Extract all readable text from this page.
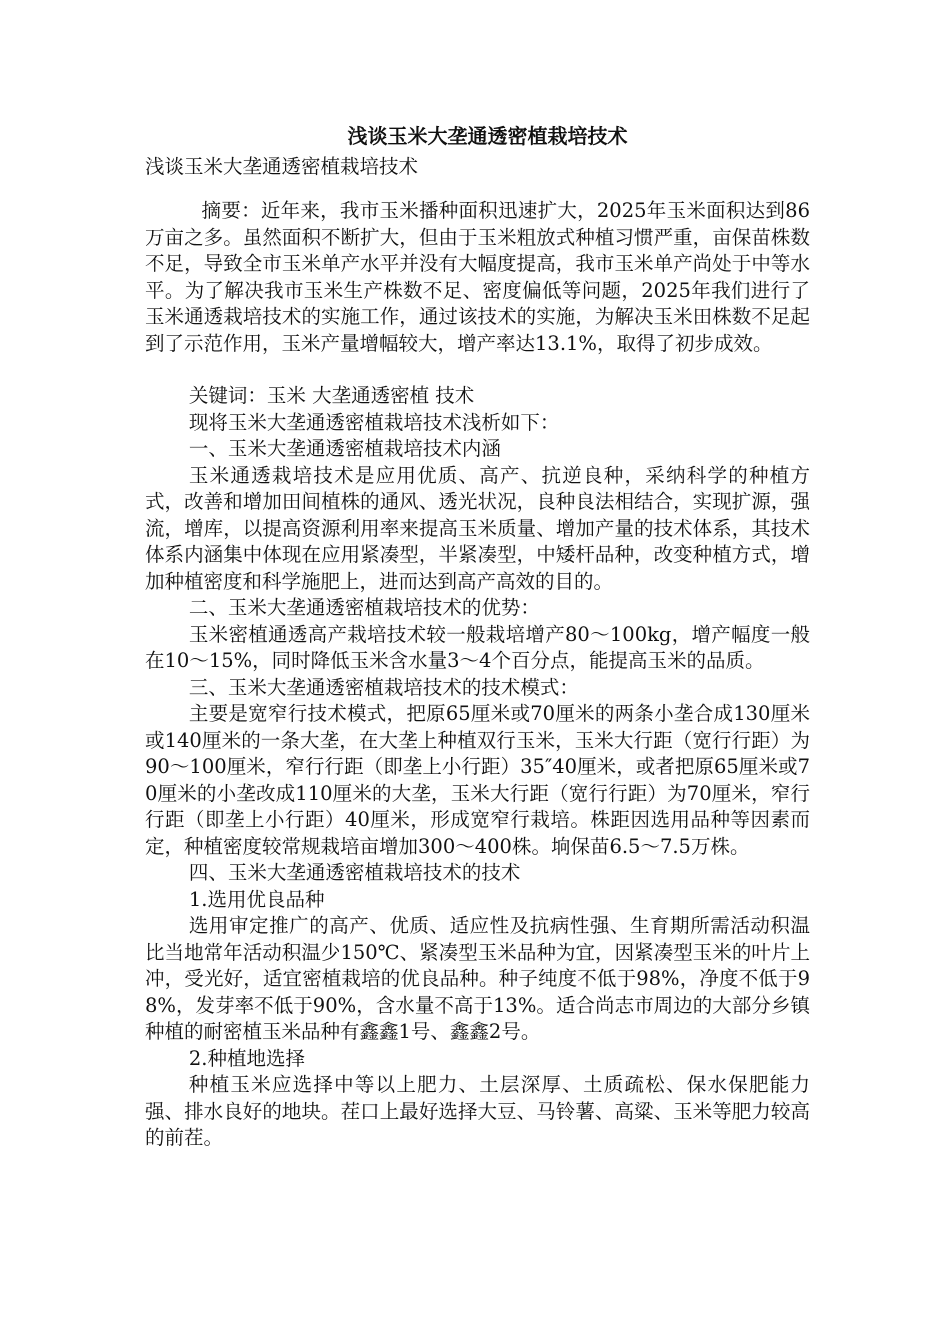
浅谈玉米大垄通透密植栽培技术
浅谈玉米大垄通透密植栽培技术

摘要：近年来，我市玉米播种面积迅速扩大，2025年玉米面积达到86万亩之多。虽然面积不断扩大，但由于玉米粗放式种植习惯严重，亩保苗株数不足，导致全市玉米单产水平并没有大幅度提高，我市玉米单产尚处于中等水平。为了解决我市玉米生产株数不足、密度偏低等问题，2025年我们进行了玉米通透栽培技术的实施工作，通过该技术的实施，为解决玉米田株数不足起到了示范作用，玉米产量增幅较大，增产率达13.1%，取得了初步成效。

关键词：玉米 大垄通透密植 技术

现将玉米大垄通透密植栽培技术浅析如下：

一、玉米大垄通透密植栽培技术内涵

玉米通透栽培技术是应用优质、高产、抗逆良种，采纳科学的种植方式，改善和增加田间植株的通风、透光状况，良种良法相结合，实现扩源，强流，增库，以提高资源利用率来提高玉米质量、增加产量的技术体系，其技术体系内涵集中体现在应用紧凑型，半紧凑型，中矮杆品种，改变种植方式，增加种植密度和科学施肥上，进而达到高产高效的目的。

二、玉米大垄通透密植栽培技术的优势：

玉米密植通透高产栽培技术较一般栽培增产80～100kg，增产幅度一般在10～15%，同时降低玉米含水量3～4个百分点，能提高玉米的品质。

三、玉米大垄通透密植栽培技术的技术模式：

主要是宽窄行技术模式，把原65厘米或70厘米的两条小垄合成130厘米或140厘米的一条大垄，在大垄上种植双行玉米，玉米大行距（宽行行距）为90～100厘米，窄行行距（即垄上小行距）35″40厘米，或者把原65厘米或70厘米的小垄改成110厘米的大垄，玉米大行距（宽行行距）为70厘米，窄行行距（即垄上小行距）40厘米，形成宽窄行栽培。株距因选用品种等因素而定，种植密度较常规栽培亩增加300～400株。垧保苗6.5～7.5万株。

四、玉米大垄通透密植栽培技术的技术

1.选用优良品种

选用审定推广的高产、优质、适应性及抗病性强、生育期所需活动积温比当地常年活动积温少150℃、紧凑型玉米品种为宜，因紧凑型玉米的叶片上冲，受光好，适宜密植栽培的优良品种。种子纯度不低于98%，净度不低于98%，发芽率不低于90%，含水量不高于13%。适合尚志市周边的大部分乡镇种植的耐密植玉米品种有鑫鑫1号、鑫鑫2号。

2.种植地选择

种植玉米应选择中等以上肥力、土层深厚、土质疏松、保水保肥能力强、排水良好的地块。茬口上最好选择大豆、马铃薯、高粱、玉米等肥力较高的前茬。
